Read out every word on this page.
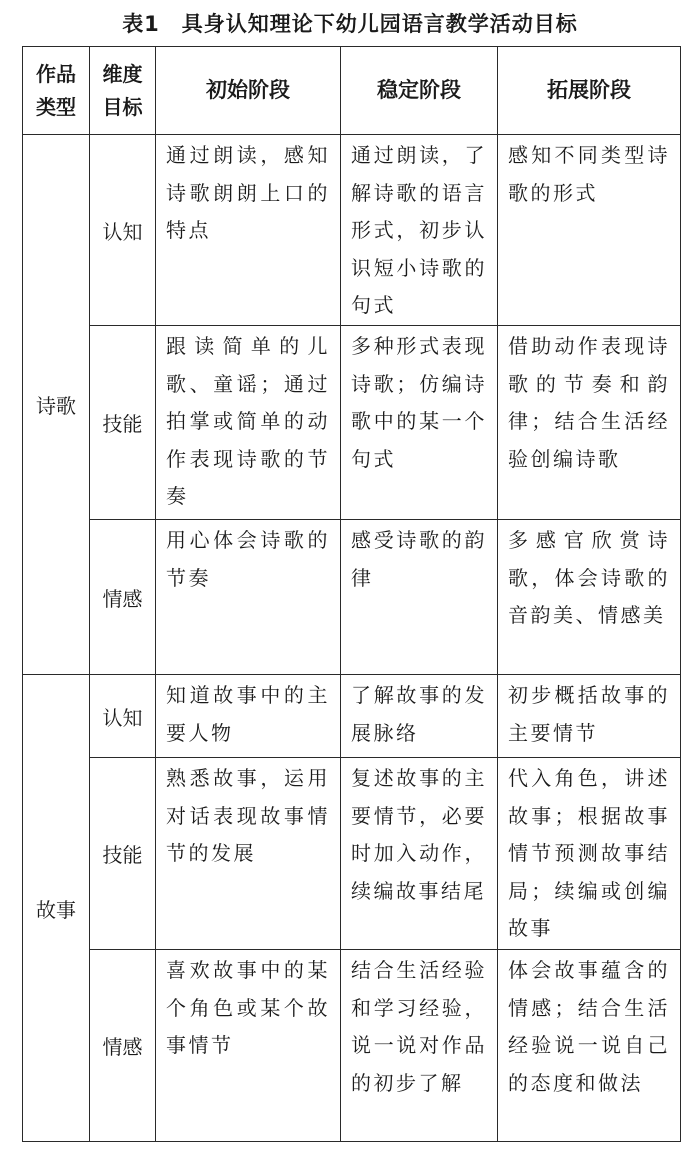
表1　具身认知理论下幼儿园语言教学活动目标
作品类型	维度目标	初始阶段	稳定阶段	拓展阶段
诗歌	认知	通过朗读，感知诗歌朗朗上口的特点	通过朗读，了解诗歌的语言形式，初步认识短小诗歌的句式	感知不同类型诗歌的形式
	技能	跟读简单的儿歌、童谣；通过拍掌或简单的动作表现诗歌的节奏	多种形式表现诗歌；仿编诗歌中的某一个句式	借助动作表现诗歌的节奏和韵律；结合生活经验创编诗歌
	情感	用心体会诗歌的节奏	感受诗歌的韵律	多感官欣赏诗歌，体会诗歌的音韵美、情感美
故事	认知	知道故事中的主要人物	了解故事的发展脉络	初步概括故事的主要情节
	技能	熟悉故事，运用对话表现故事情节的发展	复述故事的主要情节，必要时加入动作，续编故事结尾	代入角色，讲述故事；根据故事情节预测故事结局；续编或创编故事
	情感	喜欢故事中的某个角色或某个故事情节	结合生活经验和学习经验，说一说对作品的初步了解	体会故事蕴含的情感；结合生活经验说一说自己的态度和做法
